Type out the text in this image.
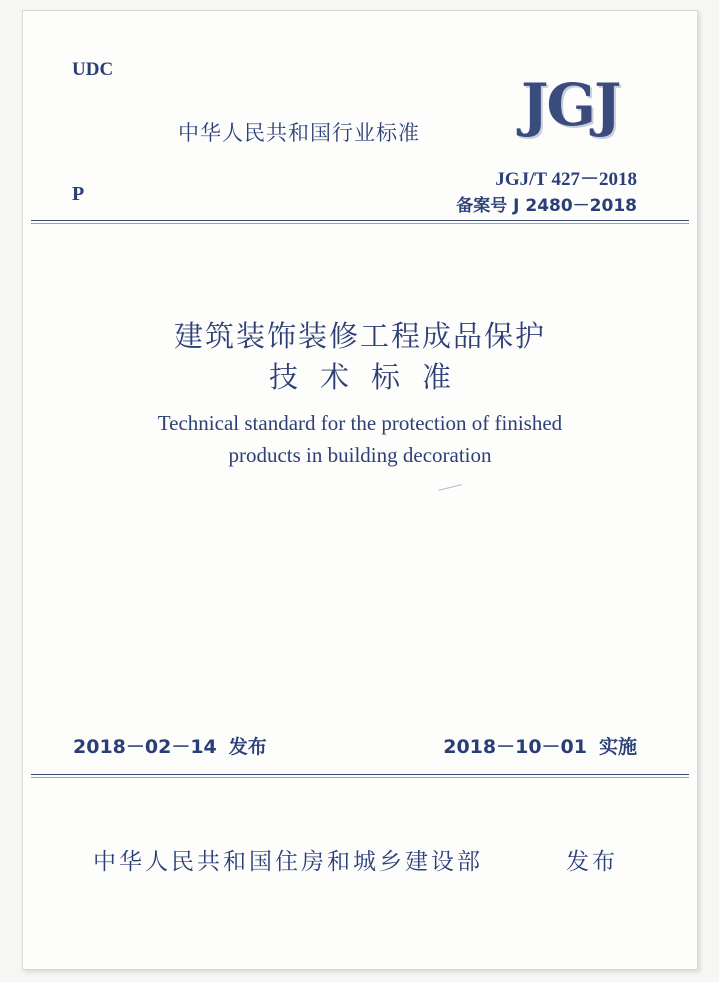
UDC
中华人民共和国行业标准 JGJ
P
JGJ/T 427－2018
备案号 J 2480－2018
建筑装饰装修工程成品保护
技术标准
Technical standard for the protection of finished
products in building decoration
2018－02－14 发布	2018－10－01 实施
中华人民共和国住房和城乡建设部	发布
